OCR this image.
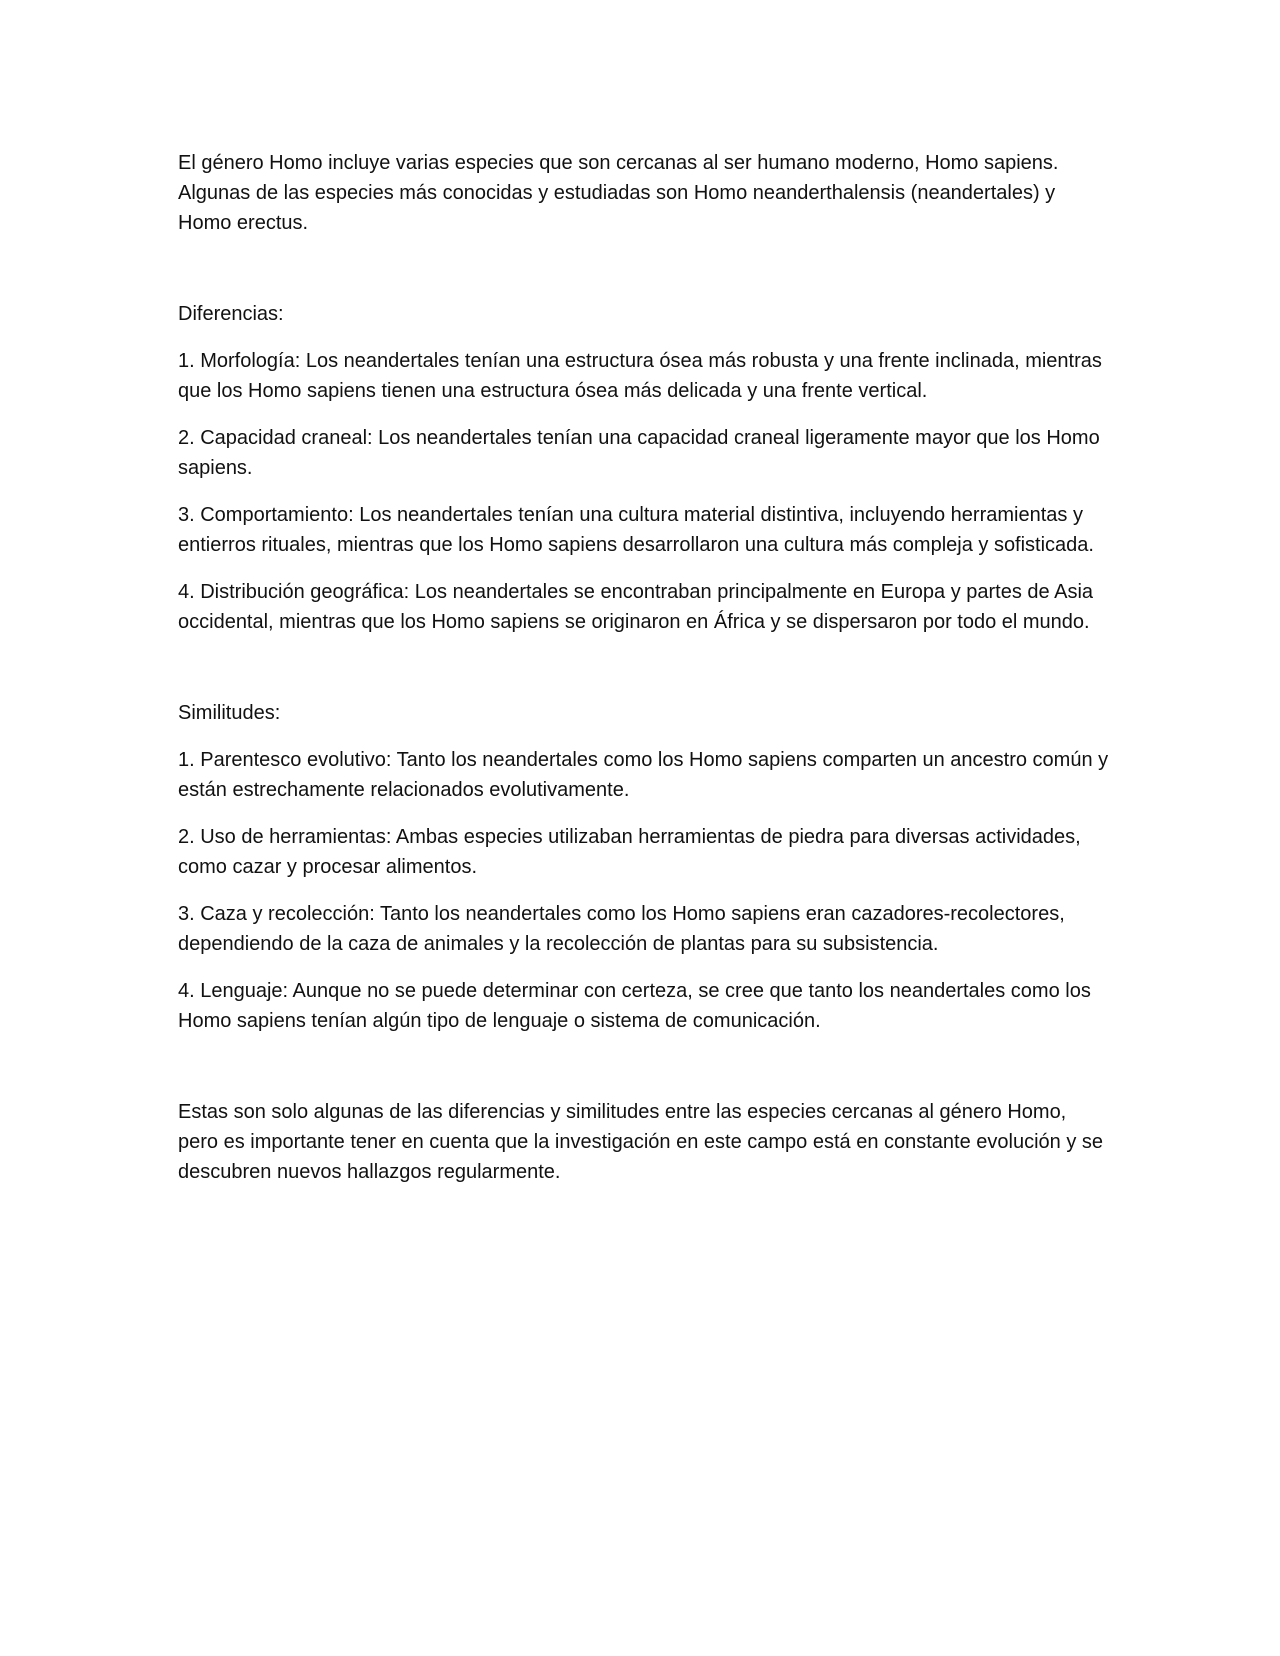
El género Homo incluye varias especies que son cercanas al ser humano moderno, Homo sapiens. Algunas de las especies más conocidas y estudiadas son Homo neanderthalensis (neandertales) y Homo erectus.

Diferencias:

1. Morfología: Los neandertales tenían una estructura ósea más robusta y una frente inclinada, mientras que los Homo sapiens tienen una estructura ósea más delicada y una frente vertical.

2. Capacidad craneal: Los neandertales tenían una capacidad craneal ligeramente mayor que los Homo sapiens.

3. Comportamiento: Los neandertales tenían una cultura material distintiva, incluyendo herramientas y entierros rituales, mientras que los Homo sapiens desarrollaron una cultura más compleja y sofisticada.

4. Distribución geográfica: Los neandertales se encontraban principalmente en Europa y partes de Asia occidental, mientras que los Homo sapiens se originaron en África y se dispersaron por todo el mundo.

Similitudes:

1. Parentesco evolutivo: Tanto los neandertales como los Homo sapiens comparten un ancestro común y están estrechamente relacionados evolutivamente.

2. Uso de herramientas: Ambas especies utilizaban herramientas de piedra para diversas actividades, como cazar y procesar alimentos.

3. Caza y recolección: Tanto los neandertales como los Homo sapiens eran cazadores-recolectores, dependiendo de la caza de animales y la recolección de plantas para su subsistencia.

4. Lenguaje: Aunque no se puede determinar con certeza, se cree que tanto los neandertales como los Homo sapiens tenían algún tipo de lenguaje o sistema de comunicación.

Estas son solo algunas de las diferencias y similitudes entre las especies cercanas al género Homo, pero es importante tener en cuenta que la investigación en este campo está en constante evolución y se descubren nuevos hallazgos regularmente.
